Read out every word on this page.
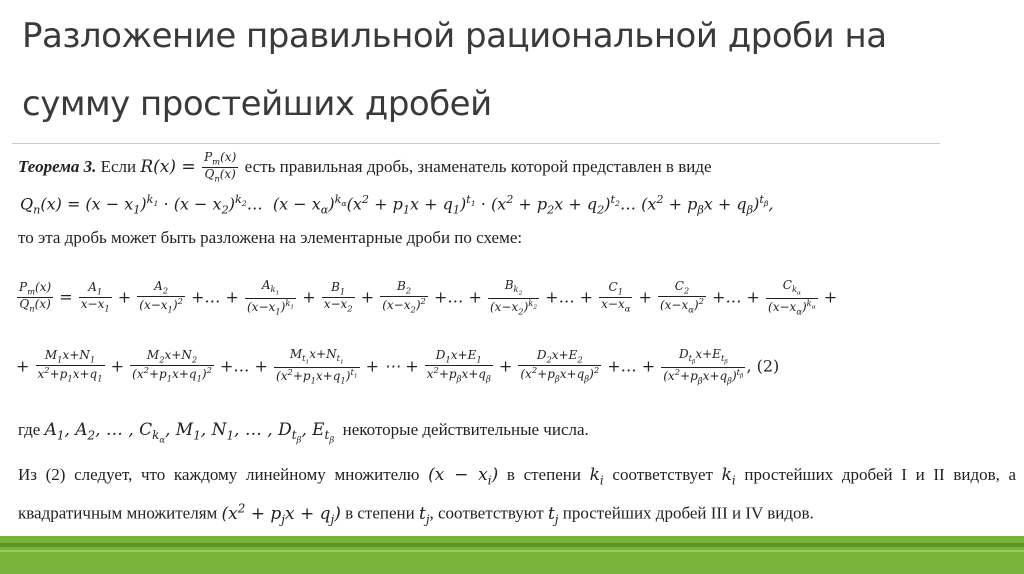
Разложение правильной рациональной дроби на сумму простейших дробей
Теорема 3. Если $R(x) = \frac{P_m(x)}{Q_n(x)}$ есть правильная дробь, знаменатель которой представлен в виде
$Q_n(x) = (x - x_1)^{k_1} \cdot (x$ − $x_2)^{k_2}\dots$  $(x - x_\alpha)^{k_\alpha}(x^2 + p_1x + q_1)^{t_1} \cdot (x^2 + p_2x$ + $q_2)^{t_2}\dots$ $(x^2 + p_\beta x + q_\beta)^{t_\beta}$,
то эта дробь может быть разложена на элементарные дроби по схеме:
$\frac{P_m(x)}{Q_n(x)} = \frac{A_1}{x-x_1} + \frac{A_2}{(x-x_1)^2}$ +… + $\frac{A_{k_1}}{(x-x_1)^{k_1}} + \frac{B_1}{x-x_2} + \frac{B_2}{(x-x_2)^2}$ +… + $\frac{B_{k_2}}{(x-x_2)^{k_2}}$ +… + $\frac{C_1}{x-x_\alpha} + \frac{C_2}{(x-x_\alpha)^2}$ +… + $\frac{C_{k_\alpha}}{(x-x_\alpha)^{k_\alpha}}$ +
+ $\frac{M_1x+N_1}{x^2+p_1x+q_1} + \frac{M_2x+N_2}{(x^2+p_1x+q_1)^2}$ +… + $\frac{M_{t_1}x+N_{t_1}}{(x^2+p_1x+q_1)^{t_1}}$ + ⋯ + $\frac{D_1x+E_1}{x^2+p_\beta x+q_\beta} + \frac{D_2x+E_2}{(x^2+p_\beta x+q_\beta)^2}$ +… + $\frac{D_{t_\beta}x+E_{t_\beta}}{(x^2+p_\beta x+q_\beta)^{t_\beta}}$ , (2)
где $A_1$, $A_2$, … , $C_{k_\alpha}$, $M_1$, $N_1$, … , $D_{t_\beta}$, $E_{t_\beta}$  некоторые действительные числа.
Из (2) следует, что каждому линейному множителю $(x - x_i)$ в степени $k_i$ соответствует $k_i$ простейших дробей I и II видов, а квадратичным множителям $(x^2 + p_jx + q_j)$ в степени $t_j$, соответствуют $t_j$ простейших дробей III и IV видов.
